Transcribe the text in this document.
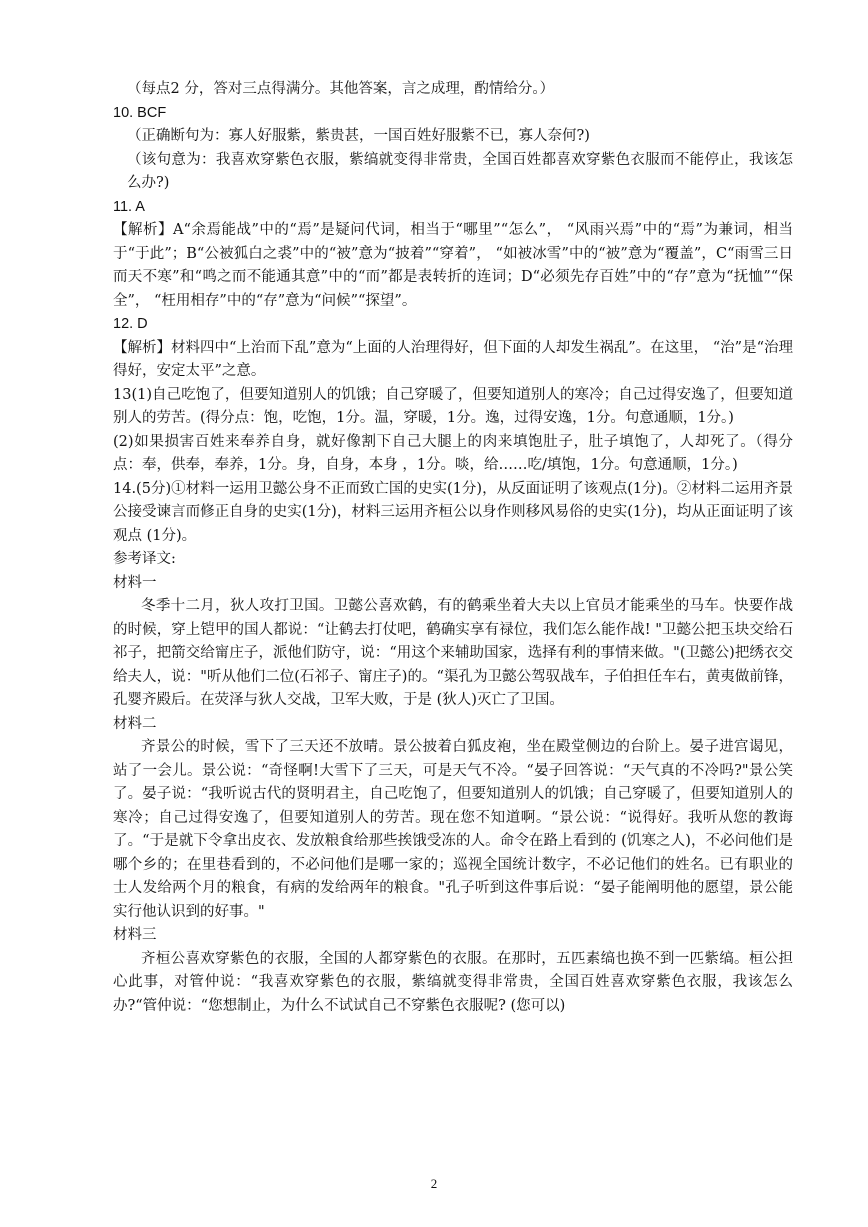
（每点2 分，答对三点得满分。其他答案，言之成理，酌情给分。）

10. BCF

（正确断句为：寡人好服紫，紫贵甚，一国百姓好服紫不已，寡人奈何?)

（该句意为：我喜欢穿紫色衣服，紫缟就变得非常贵，全国百姓都喜欢穿紫色衣服而不能停止，我该怎么办?)

11. A

【解析】A“余焉能战”中的“焉”是疑问代词，相当于“哪里”“怎么”， “风雨兴焉”中的“焉”为兼词，相当于“于此”；B“公被狐白之裘”中的“被”意为“披着”“穿着”， “如被冰雪”中的“被”意为“覆盖”，C“雨雪三日而天不寒”和“鸣之而不能通其意”中的“而”都是表转折的连词；D“必须先存百姓”中的“存”意为“抚恤”“保全”， “枉用相存”中的“存”意为“问候”“探望”。

12. D

【解析】材料四中“上治而下乱”意为“上面的人治理得好，但下面的人却发生祸乱”。在这里， “治”是“治理得好，安定太平”之意。

13(1)自己吃饱了，但要知道别人的饥饿；自己穿暖了，但要知道别人的寒冷；自己过得安逸了，但要知道别人的劳苦。(得分点：饱，吃饱，1分。温，穿暖，1分。逸，过得安逸，1分。句意通顺，1分。)

(2)如果损害百姓来奉养自身，就好像割下自己大腿上的肉来填饱肚子，肚子填饱了，人却死了。（得分点：奉，供奉，奉养，1分。身，自身，本身 ，1分。啖，给……吃/填饱，1分。句意通顺，1分。)

14.(5分)①材料一运用卫懿公身不正而致亡国的史实(1分)，从反面证明了该观点(1分)。②材料二运用齐景公接受谏言而修正自身的史实(1分)，材料三运用齐桓公以身作则移风易俗的史实(1分)，均从正面证明了该观点 (1分)。

参考译文:

材料一

冬季十二月，狄人攻打卫国。卫懿公喜欢鹤，有的鹤乘坐着大夫以上官员才能乘坐的马车。快要作战的时候，穿上铠甲的国人都说：“让鹤去打仗吧，鹤确实享有禄位，我们怎么能作战! "卫懿公把玉块交给石祁子，把箭交给甯庄子，派他们防守，说：“用这个来辅助国家，选择有利的事情来做。"(卫懿公)把绣衣交给夫人，说："听从他们二位(石祁子、甯庄子)的。“渠孔为卫懿公驾驭战车，子伯担任车右，黄夷做前锋，孔婴齐殿后。在荧泽与狄人交战，卫军大败，于是 (狄人)灭亡了卫国。

材料二

齐景公的时候，雪下了三天还不放晴。景公披着白狐皮袍，坐在殿堂侧边的台阶上。晏子进宫谒见，站了一会儿。景公说：“奇怪啊!大雪下了三天，可是天气不冷。“晏子回答说：“天气真的不冷吗?"景公笑了。晏子说：“我听说古代的贤明君主，自己吃饱了，但要知道别人的饥饿；自己穿暖了，但要知道别人的寒冷；自己过得安逸了，但要知道别人的劳苦。现在您不知道啊。“景公说：“说得好。我听从您的教诲了。“于是就下令拿出皮衣、发放粮食给那些挨饿受冻的人。命令在路上看到的 (饥寒之人)，不必问他们是哪个乡的；在里巷看到的，不必问他们是哪一家的；巡视全国统计数字，不必记他们的姓名。已有职业的士人发给两个月的粮食，有病的发给两年的粮食。"孔子听到这件事后说：“晏子能阐明他的愿望，景公能实行他认识到的好事。"

材料三

齐桓公喜欢穿紫色的衣服，全国的人都穿紫色的衣服。在那时，五匹素缟也换不到一匹紫缟。桓公担心此事，对管仲说：“我喜欢穿紫色的衣服，紫缟就变得非常贵，全国百姓喜欢穿紫色衣服，我该怎么办?“管仲说：“您想制止，为什么不试试自己不穿紫色衣服呢? (您可以)

2
